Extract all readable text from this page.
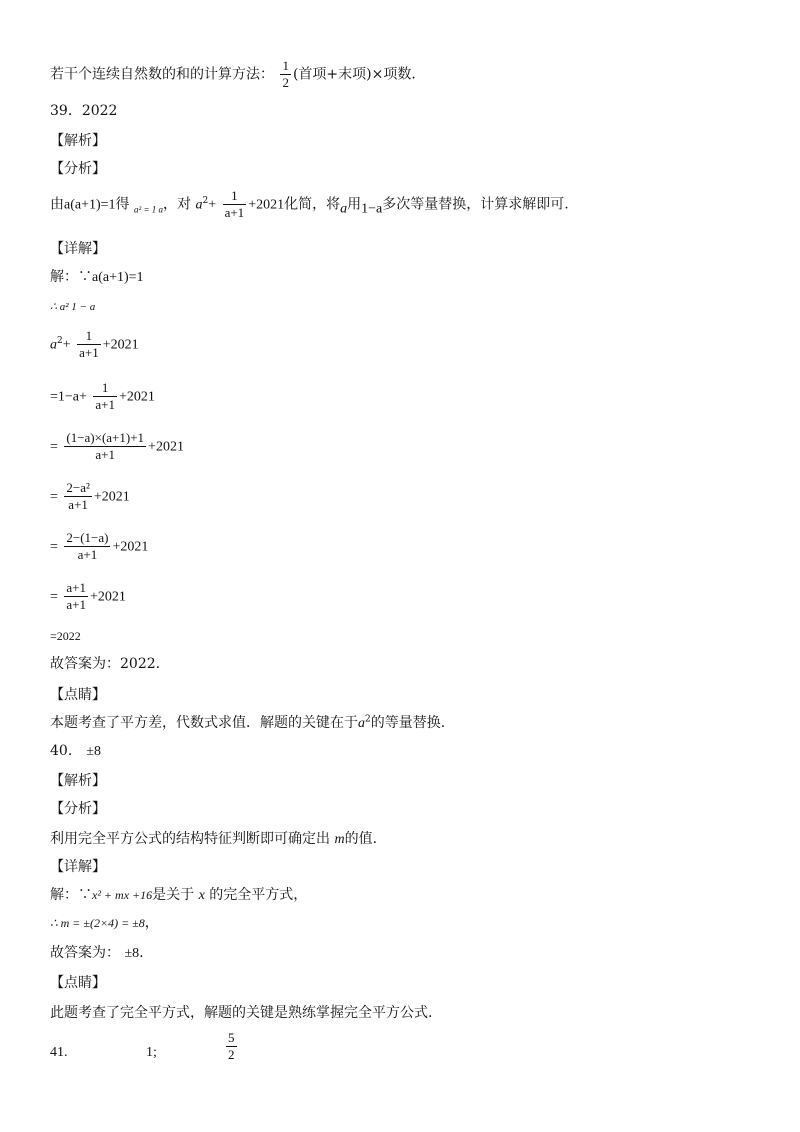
若干个连续自然数的和的计算方法： $\frac{1}{2}$ (首项+末项)×项数.
39．2022
【解析】
【分析】
由a(a+1)=1得 $_{a^2 = 1 a}$，对 $a^2+ \frac{1}{a+1} +2021$化简，将a用1−a多次等量替换，计算求解即可.
【详解】
解：∵a(a+1)=1
∴ a² 1 − a
$a^2+ \frac{1}{a+1} +2021$
$=1-a+ \frac{1}{a+1} +2021$
= $\frac{(1-a)\times(a+1)+1}{a+1} +2021$
= $\frac{\text{2−a²}}{a+1} +2021$
= $\frac{2-(1-a)}{a+1} +2021$
= $\frac{a+1}{a+1} +2021$
=2022
故答案为：2022.
【点睛】
本题考查了平方差，代数式求值．解题的关键在于$a^2$的等量替换.
40． ±8
【解析】
【分析】
利用完全平方公式的结构特征判断即可确定出 m的值.
【详解】
解：∵x² + mx +16是关于 x 的完全平方式，
∴ m = ±(2×4) = ±8，
故答案为： ±8.
【点睛】
此题考查了完全平方式，解题的关键是熟练掌握完全平方公式.
41.	1;	$\frac{5}{2}$
